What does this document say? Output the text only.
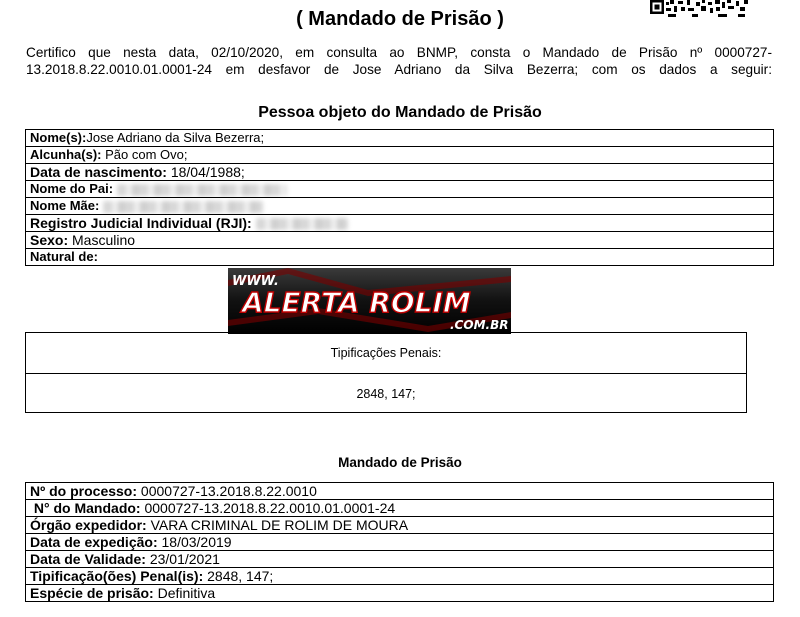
( Mandado de Prisão )
Certifico que nesta data, 02/10/2020, em consulta ao BNMP, consta o Mandado de Prisão nº 0000727-
13.2018.8.22.0010.01.0001-24 em desfavor de Jose Adriano da Silva Bezerra; com os dados a seguir:
Pessoa objeto do Mandado de Prisão
Nome(s):Jose Adriano da Silva Bezerra;
Alcunha(s): Pão com Ovo;
Data de nascimento: 18/04/1988;
Nome do Pai:
Nome Mãe:
Registro Judicial Individual (RJI):
Sexo: Masculino
Natural de:
Tipificações Penais:
2848, 147;
WWW.
ALERTA ROLIM
.COM.BR
Mandado de Prisão
Nº do processo: 0000727-13.2018.8.22.0010
N° do Mandado: 0000727-13.2018.8.22.0010.01.0001-24
Órgão expedidor: VARA CRIMINAL DE ROLIM DE MOURA
Data de expedição: 18/03/2019
Data de Validade: 23/01/2021
Tipificação(ões) Penal(is): 2848, 147;
Espécie de prisão: Definitiva
